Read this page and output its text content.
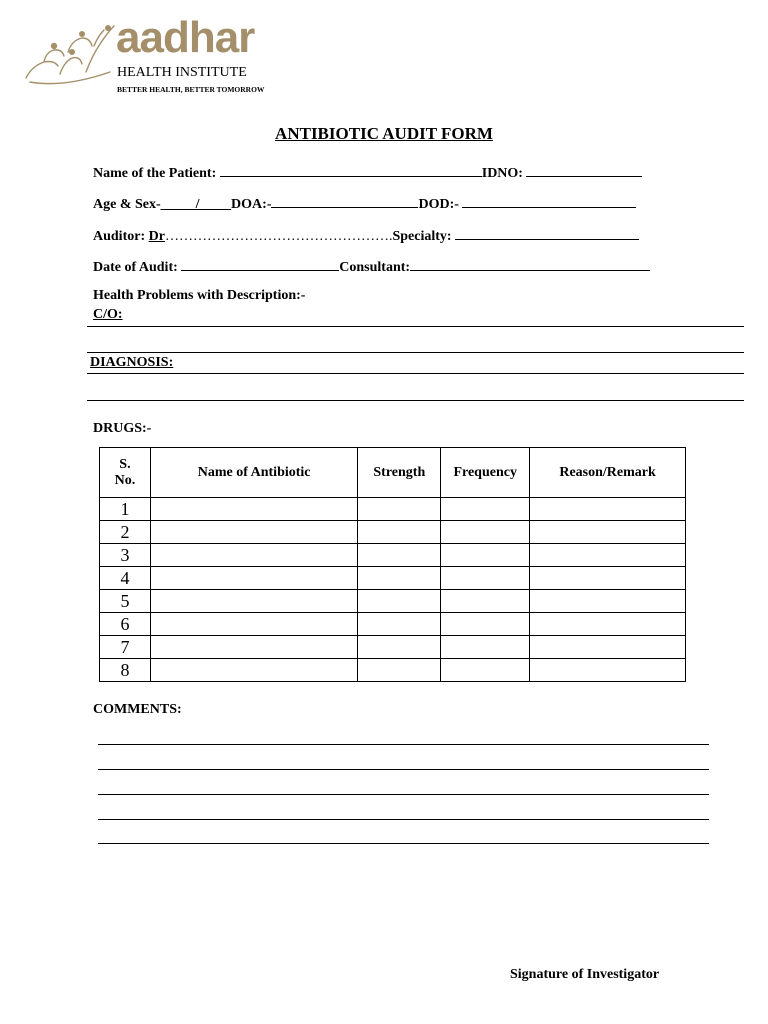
aadhar
HEALTH INSTITUTE
BETTER HEALTH, BETTER TOMORROW
ANTIBIOTIC AUDIT FORM
Name of the Patient:	IDNO:
Age & Sex-_ _ __/_ ___DOA:-	DOD:-
Auditor: Dr………………………………………….Specialty:
Date of Audit:	Consultant:
Health Problems with Description:-
C/O:
DIAGNOSIS:
DRUGS:-
S.
No.	Name of Antibiotic	Strength	Frequency	Reason/Remark
1				
2				
3				
4				
5				
6				
7				
8				
COMMENTS:
Signature of Investigator
